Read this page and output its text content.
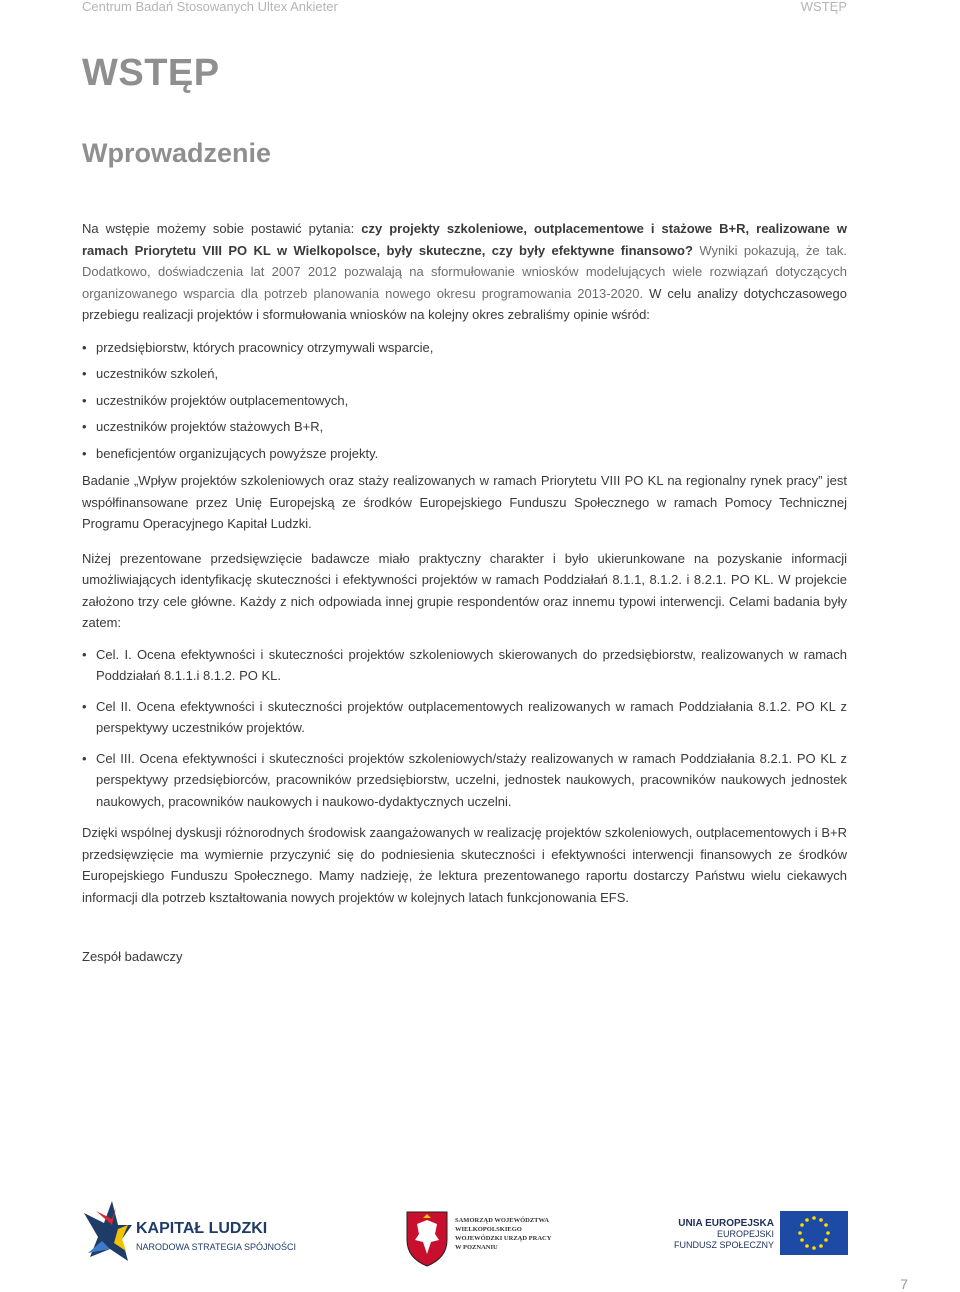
Centrum Badań Stosowanych Ultex Ankieter	WSTĘP
WSTĘP
Wprowadzenie

Na wstępie możemy sobie postawić pytania: czy projekty szkoleniowe, outplacementowe i stażowe B+R, realizowane w ramach Priorytetu VIII PO KL w Wielkopolsce, były skuteczne, czy były efektywne finansowo? Wyniki pokazują, że tak. Dodatkowo, doświadczenia lat 2007 2012 pozwalają na sformułowanie wniosków modelujących wiele rozwiązań dotyczących organizowanego wsparcia dla potrzeb planowania nowego okresu programowania 2013-2020. W celu analizy dotychczasowego przebiegu realizacji projektów i sformułowania wniosków na kolejny okres zebraliśmy opinie wśród:

• przedsiębiorstw, których pracownicy otrzymywali wsparcie,
• uczestników szkoleń,
• uczestników projektów outplacementowych,
• uczestników projektów stażowych B+R,
• beneficjentów organizujących powyższe projekty.

Badanie „Wpływ projektów szkoleniowych oraz staży realizowanych w ramach Priorytetu VIII PO KL na regionalny rynek pracy” jest współfinansowane przez Unię Europejską ze środków Europejskiego Funduszu Społecznego w ramach Pomocy Technicznej Programu Operacyjnego Kapitał Ludzki.

Niżej prezentowane przedsięwzięcie badawcze miało praktyczny charakter i było ukierunkowane na pozyskanie informacji umożliwiających identyfikację skuteczności i efektywności projektów w ramach Poddziałań 8.1.1, 8.1.2. i 8.2.1. PO KL. W projekcie założono trzy cele główne. Każdy z nich odpowiada innej grupie respondentów oraz innemu typowi interwencji. Celami badania były zatem:

• Cel. I. Ocena efektywności i skuteczności projektów szkoleniowych skierowanych do przedsiębiorstw, realizowanych w ramach Poddziałań 8.1.1.i 8.1.2. PO KL.
• Cel II. Ocena efektywności i skuteczności projektów outplacementowych realizowanych w ramach Poddziałania 8.1.2. PO KL z perspektywy uczestników projektów.
• Cel III. Ocena efektywności i skuteczności projektów szkoleniowych/staży realizowanych w ramach Poddziałania 8.2.1. PO KL z perspektywy przedsiębiorców, pracowników przedsiębiorstw, uczelni, jednostek naukowych, pracowników naukowych jednostek naukowych, pracowników naukowych i naukowo-dydaktycznych uczelni.

Dzięki wspólnej dyskusji różnorodnych środowisk zaangażowanych w realizację projektów szkoleniowych, outplacementowych i B+R przedsięwzięcie ma wymiernie przyczynić się do podniesienia skuteczności i efektywności interwencji finansowych ze środków Europejskiego Funduszu Społecznego. Mamy nadzieję, że lektura prezentowanego raportu dostarczy Państwu wielu ciekawych informacji dla potrzeb kształtowania nowych projektów w kolejnych latach funkcjonowania EFS.

Zespół badawczy

KAPITAŁ LUDZKI
NARODOWA STRATEGIA SPÓJNOŚCI
SAMORZĄD WOJEWÓDZTWA
WIELKOPOLSKIEGO
WOJEWÓDZKI URZĄD PRACY
W POZNANIU
UNIA EUROPEJSKA
EUROPEJSKI
FUNDUSZ SPOŁECZNY
7
